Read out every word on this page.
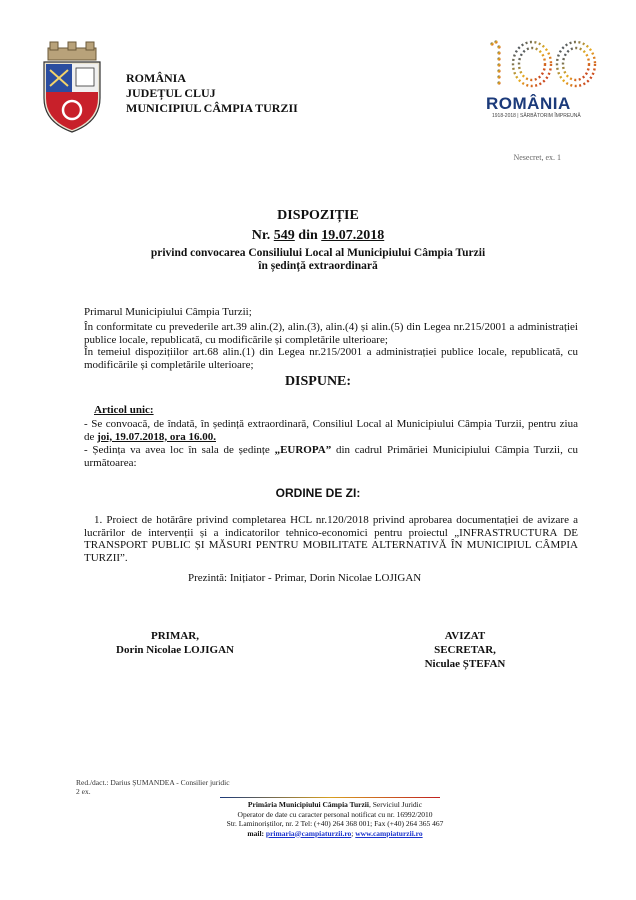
ROMÂNIA
JUDEȚUL CLUJ
MUNICIPIUL CÂMPIA TURZII	ROMÂNIA
1918-2018 | SĂRBĂTORIM ÎMPREUNĂ
Nesecret, ex. 1
DISPOZIȚIE
Nr. 549 din 19.07.2018
privind convocarea Consiliului Local al Municipiului Câmpia Turzii în ședință extraordinară
Primarul Municipiului Câmpia Turzii;
În conformitate cu prevederile art.39 alin.(2), alin.(3), alin.(4) și alin.(5) din Legea nr.215/2001 a administrației publice locale, republicată, cu modificările și completările ulterioare;
În temeiul dispozițiilor art.68 alin.(1) din Legea nr.215/2001 a administrației publice locale, republicată, cu modificările și completările ulterioare;
DISPUNE:
Articol unic:
- Se convoacă, de îndată, în ședință extraordinară, Consiliul Local al Municipiului Câmpia Turzii, pentru ziua de joi, 19.07.2018, ora 16.00.
- Ședința va avea loc în sala de ședințe „EUROPA” din cadrul Primăriei Municipiului Câmpia Turzii, cu următoarea:
ORDINE DE ZI:
1. Proiect de hotărâre privind completarea HCL nr.120/2018 privind aprobarea documentației de avizare a lucrărilor de intervenții și a indicatorilor tehnico-economici pentru proiectul „INFRASTRUCTURA DE TRANSPORT PUBLIC ȘI MĂSURI PENTRU MOBILITATE ALTERNATIVĂ ÎN MUNICIPIUL CÂMPIA TURZII”.
Prezintă: Inițiator - Primar, Dorin Nicolae LOJIGAN
PRIMAR,
Dorin Nicolae LOJIGAN
AVIZAT
SECRETAR,
Niculae ȘTEFAN
Red./dact.: Darius ȘUMANDEA - Consilier juridic
2 ex.
Primăria Municipiului Câmpia Turzii, Serviciul Juridic
Operator de date cu caracter personal notificat cu nr. 16992/2010
Str. Laminoriștilor, nr. 2 Tel: (+40) 264 368 001; Fax (+40) 264 365 467
mail: primaria@campiaturzii.ro; www.campiaturzii.ro
